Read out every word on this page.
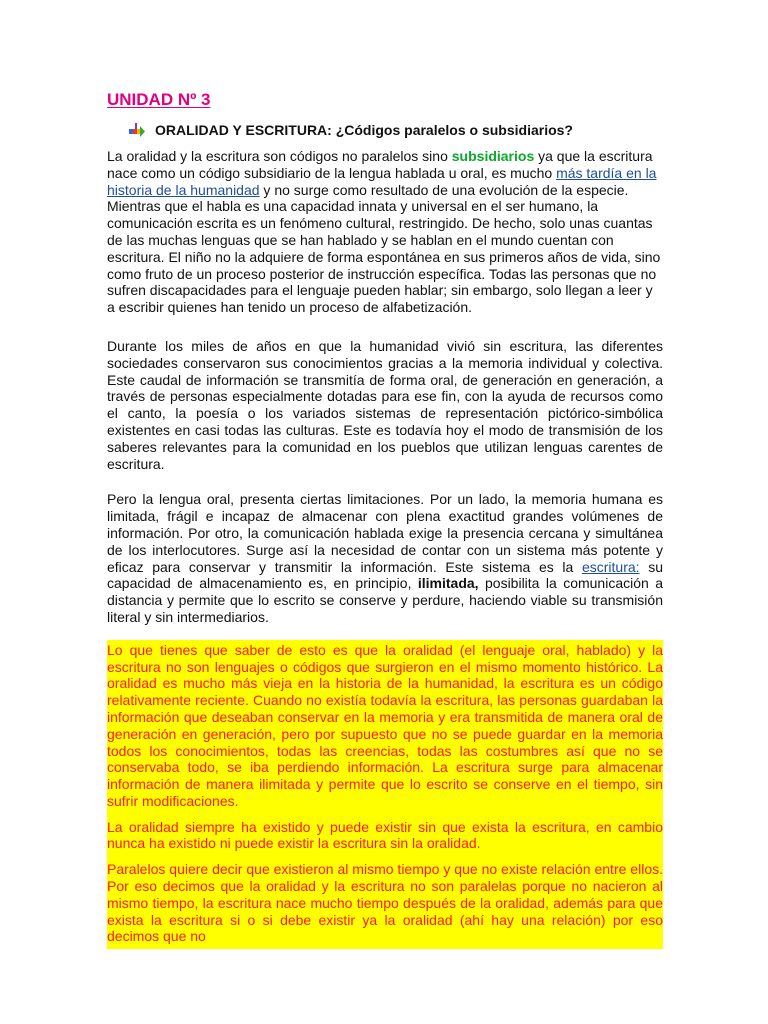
UNIDAD Nº 3
ORALIDAD Y ESCRITURA: ¿Códigos paralelos o subsidiarios?

La oralidad y la escritura son códigos no paralelos sino subsidiarios ya que la escritura nace como un código subsidiario de la lengua hablada u oral, es mucho más tardía en la historia de la humanidad y no surge como resultado de una evolución de la especie. Mientras que el habla es una capacidad innata y universal en el ser humano, la comunicación escrita es un fenómeno cultural, restringido. De hecho, solo unas cuantas de las muchas lenguas que se han hablado y se hablan en el mundo cuentan con escritura. El niño no la adquiere de forma espontánea en sus primeros años de vida, sino como fruto de un proceso posterior de instrucción específica. Todas las personas que no sufren discapacidades para el lenguaje pueden hablar; sin embargo, solo llegan a leer y a escribir quienes han tenido un proceso de alfabetización.

Durante los miles de años en que la humanidad vivió sin escritura, las diferentes sociedades conservaron sus conocimientos gracias a la memoria individual y colectiva. Este caudal de información se transmitía de forma oral, de generación en generación, a través de personas especialmente dotadas para ese fin, con la ayuda de recursos como el canto, la poesía o los variados sistemas de representación pictórico-simbólica existentes en casi todas las culturas. Este es todavía hoy el modo de transmisión de los saberes relevantes para la comunidad en los pueblos que utilizan lenguas carentes de escritura.

Pero la lengua oral, presenta ciertas limitaciones. Por un lado, la memoria humana es limitada, frágil e incapaz de almacenar con plena exactitud grandes volúmenes de información. Por otro, la comunicación hablada exige la presencia cercana y simultánea de los interlocutores. Surge así la necesidad de contar con un sistema más potente y eficaz para conservar y transmitir la información. Este sistema es la escritura: su capacidad de almacenamiento es, en principio, ilimitada, posibilita la comunicación a distancia y permite que lo escrito se conserve y perdure, haciendo viable su transmisión literal y sin intermediarios.

Lo que tienes que saber de esto es que la oralidad (el lenguaje oral, hablado) y la escritura no son lenguajes o códigos que surgieron en el mismo momento histórico. La oralidad es mucho más vieja en la historia de la humanidad, la escritura es un código relativamente reciente. Cuando no existía todavía la escritura, las personas guardaban la información que deseaban conservar en la memoria y era transmitida de manera oral de generación en generación, pero por supuesto que no se puede guardar en la memoria todos los conocimientos, todas las creencias, todas las costumbres así que no se conservaba todo, se iba perdiendo información. La escritura surge para almacenar información de manera ilimitada y permite que lo escrito se conserve en el tiempo, sin sufrir modificaciones.

La oralidad siempre ha existido y puede existir sin que exista la escritura, en cambio nunca ha existido ni puede existir la escritura sin la oralidad.

Paralelos quiere decir que existieron al mismo tiempo y que no existe relación entre ellos. Por eso decimos que la oralidad y la escritura no son paralelas porque no nacieron al mismo tiempo, la escritura nace mucho tiempo después de la oralidad, además para que exista la escritura si o si debe existir ya la oralidad (ahí hay una relación) por eso decimos que no
